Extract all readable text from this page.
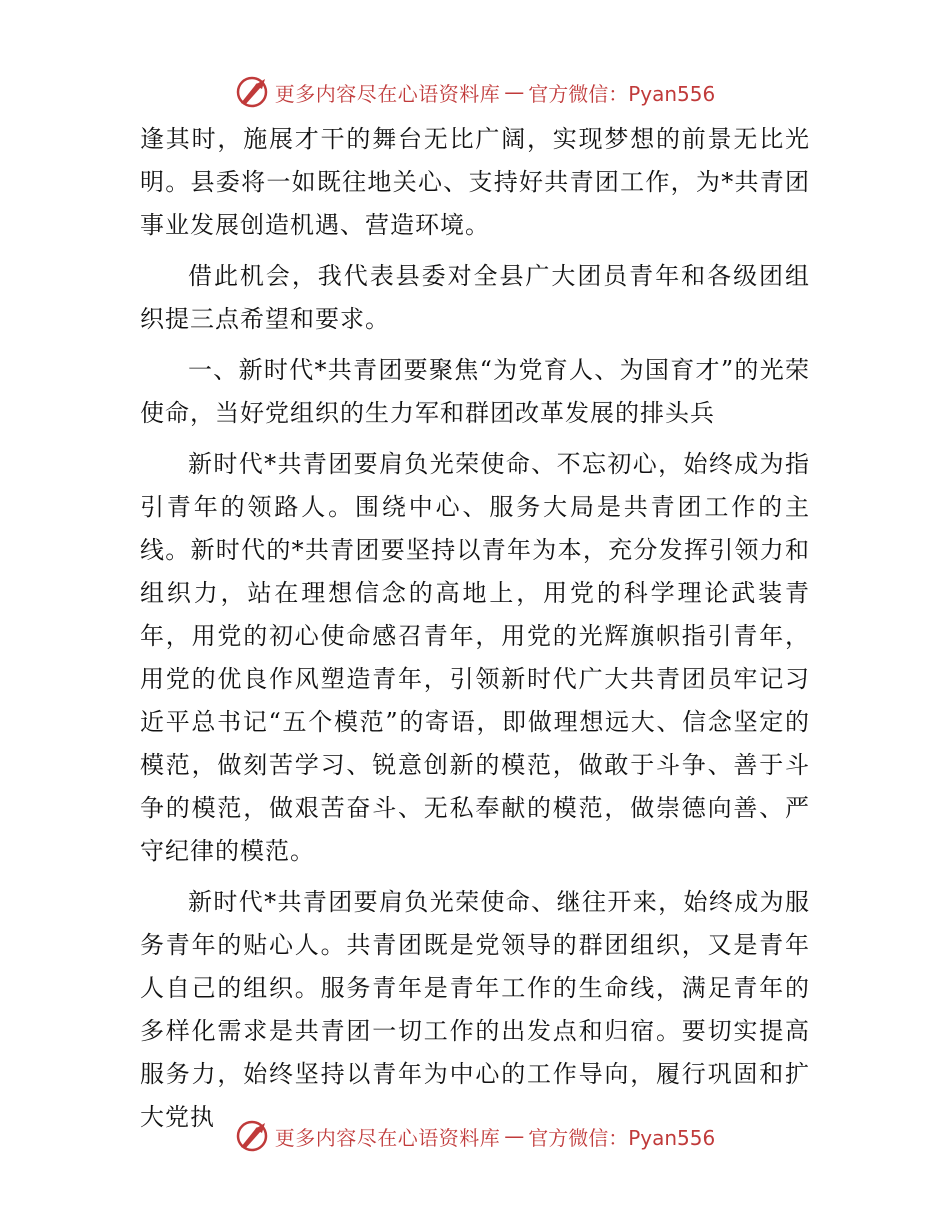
更多内容尽在心语资料库 — 官方微信：Pyan556

逢其时，施展才干的舞台无比广阔，实现梦想的前景无比光明。县委将一如既往地关心、支持好共青团工作，为*共青团事业发展创造机遇、营造环境。

借此机会，我代表县委对全县广大团员青年和各级团组织提三点希望和要求。

一、新时代*共青团要聚焦“为党育人、为国育才”的光荣使命，当好党组织的生力军和群团改革发展的排头兵

新时代*共青团要肩负光荣使命、不忘初心，始终成为指引青年的领路人。围绕中心、服务大局是共青团工作的主线。新时代的*共青团要坚持以青年为本，充分发挥引领力和组织力，站在理想信念的高地上，用党的科学理论武装青年，用党的初心使命感召青年，用党的光辉旗帜指引青年，用党的优良作风塑造青年，引领新时代广大共青团员牢记习近平总书记“五个模范”的寄语，即做理想远大、信念坚定的模范，做刻苦学习、锐意创新的模范，做敢于斗争、善于斗争的模范，做艰苦奋斗、无私奉献的模范，做崇德向善、严守纪律的模范。

新时代*共青团要肩负光荣使命、继往开来，始终成为服务青年的贴心人。共青团既是党领导的群团组织，又是青年人自己的组织。服务青年是青年工作的生命线，满足青年的多样化需求是共青团一切工作的出发点和归宿。要切实提高服务力，始终坚持以青年为中心的工作导向，履行巩固和扩大党执

更多内容尽在心语资料库 — 官方微信：Pyan556
